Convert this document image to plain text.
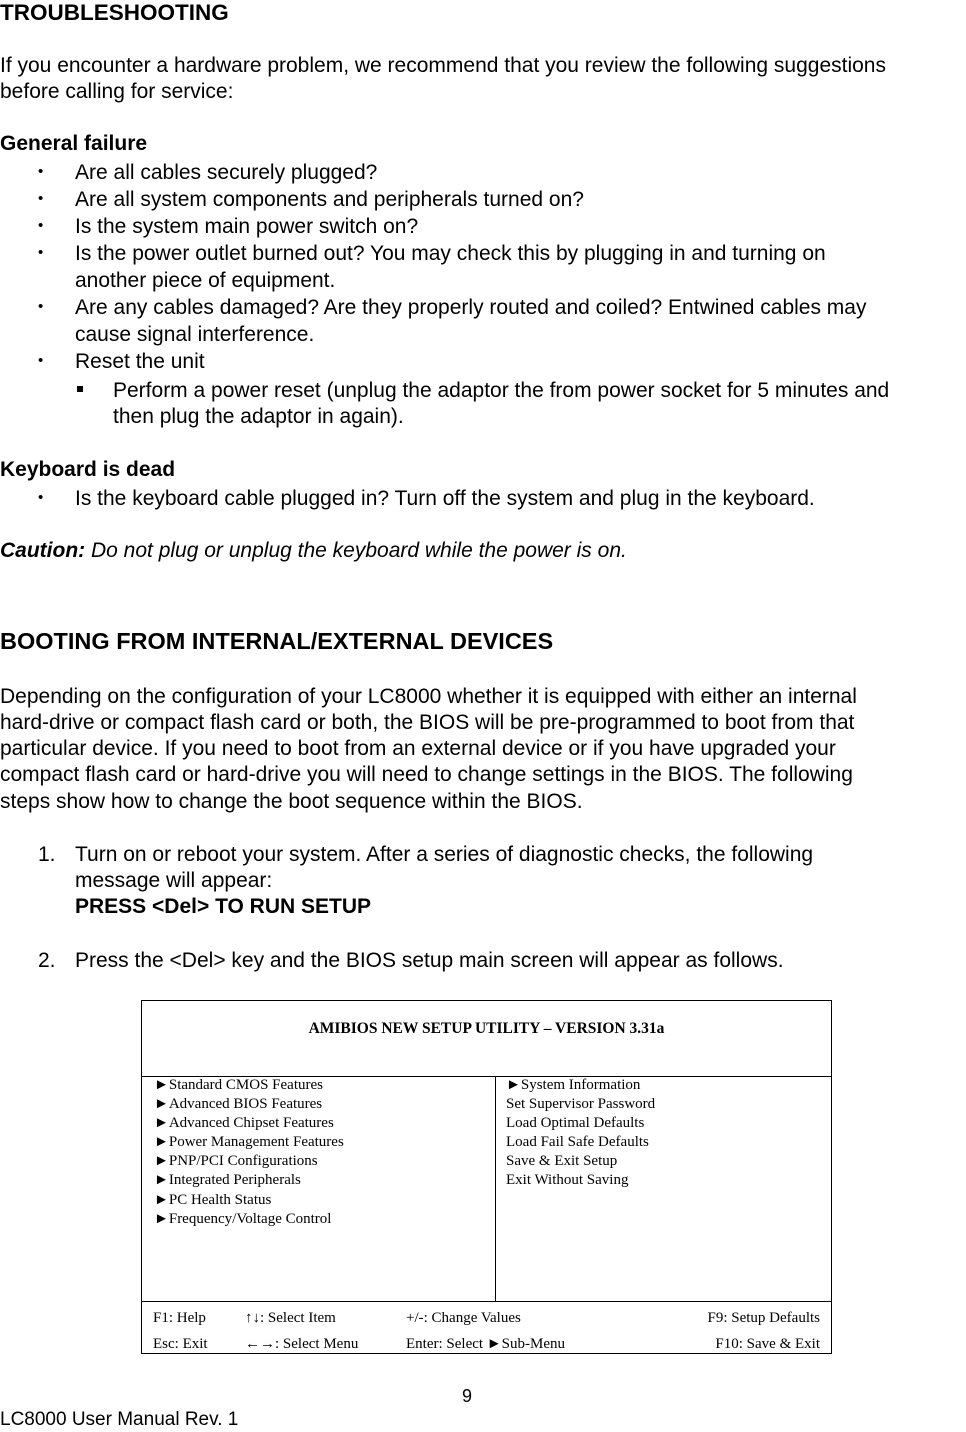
TROUBLESHOOTING
If you encounter a hardware problem, we recommend that you review the following suggestions
before calling for service:
General failure
• Are all cables securely plugged?
• Are all system components and peripherals turned on?
• Is the system main power switch on?
• Is the power outlet burned out? You may check this by plugging in and turning on
another piece of equipment.
• Are any cables damaged? Are they properly routed and coiled? Entwined cables may
cause signal interference.
• Reset the unit
Perform a power reset (unplug the adaptor the from power socket for 5 minutes and
then plug the adaptor in again).
Keyboard is dead
• Is the keyboard cable plugged in? Turn off the system and plug in the keyboard.
Caution: Do not plug or unplug the keyboard while the power is on.
BOOTING FROM INTERNAL/EXTERNAL DEVICES
Depending on the configuration of your LC8000 whether it is equipped with either an internal
hard-drive or compact flash card or both, the BIOS will be pre-programmed to boot from that
particular device. If you need to boot from an external device or if you have upgraded your
compact flash card or hard-drive you will need to change settings in the BIOS. The following
steps show how to change the boot sequence within the BIOS.
1. Turn on or reboot your system. After a series of diagnostic checks, the following
message will appear:
PRESS <Del> TO RUN SETUP
2. Press the <Del> key and the BIOS setup main screen will appear as follows.
AMIBIOS NEW SETUP UTILITY – VERSION 3.31a
►Standard CMOS Features
►Advanced BIOS Features
►Advanced Chipset Features
►Power Management Features
►PNP/PCI Configurations
►Integrated Peripherals
►PC Health Status
►Frequency/Voltage Control
►System Information
Set Supervisor Password
Load Optimal Defaults
Load Fail Safe Defaults
Save & Exit Setup
Exit Without Saving
F1: Help	↑↓: Select Item	+/-: Change Values	F9: Setup Defaults
Esc: Exit ←→: Select Menu	Enter: Select ►Sub-Menu	F10: Save & Exit
9
LC8000 User Manual Rev. 1
